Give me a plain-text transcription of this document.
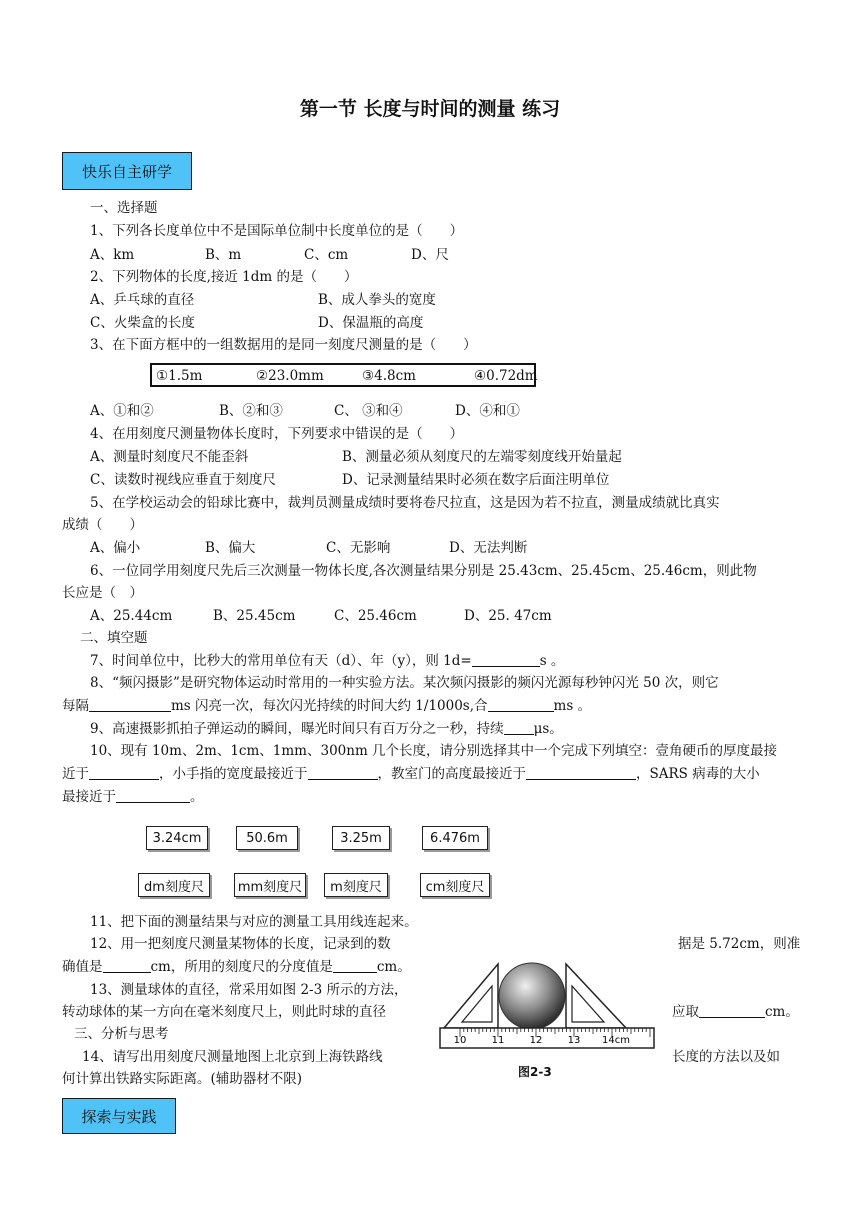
第一节 长度与时间的测量 练习
快乐自主研学
一、选择题
1、下列各长度单位中不是国际单位制中长度单位的是（　　）
A、km	B、m	C、cm	D、尺
2、下列物体的长度,接近 1dm 的是（　　）
A、乒乓球的直径	B、成人拳头的宽度
C、火柴盒的长度	D、保温瓶的高度
3、在下面方框中的一组数据用的是同一刻度尺测量的是（　　）
①1.5m	②23.0mm	③4.8cm	④0.72dm
A、①和②	B、②和③	C、 ③和④	D、④和①
4、在用刻度尺测量物体长度时，下列要求中错误的是（　　）
A、测量时刻度尺不能歪斜	B、测量必须从刻度尺的左端零刻度线开始量起
C、读数时视线应垂直于刻度尺	D、记录测量结果时必须在数字后面注明单位
5、在学校运动会的铅球比赛中，裁判员测量成绩时要将卷尺拉直，这是因为若不拉直，测量成绩就比真实
成绩（　　）
A、偏小	B、偏大	C、无影响	D、无法判断
6、一位同学用刻度尺先后三次测量一物体长度,各次测量结果分别是 25.43cm、25.45cm、25.46cm，则此物
长应是（　）
A、25.44cm	B、25.45cm	C、25.46cm	D、25. 47cm
二、填空题
7、时间单位中，比秒大的常用单位有天（d）、年（y），则 1d=	s 。
8、“频闪摄影”是研究物体运动时常用的一种实验方法。某次频闪摄影的频闪光源每秒钟闪光 50 次，则它
每隔	ms 闪亮一次，每次闪光持续的时间大约 1/1000s,合	ms 。
9、高速摄影抓拍子弹运动的瞬间，曝光时间只有百万分之一秒，持续 μs。
10、现有 10m、2m、1cm、1mm、300nm 几个长度，请分别选择其中一个完成下列填空：壹角硬币的厚度最接
近于	，小手指的宽度最接近于	，教室门的高度最接近于	，SARS 病毒的大小
最接近于	。
3.24cm	50.6m	3.25m	6.476m
dm刻度尺	mm刻度尺	m刻度尺	cm刻度尺
11、把下面的测量结果与对应的测量工具用线连起来。
12、用一把刻度尺测量某物体的长度，记录到的数	据是 5.72cm，则准
确值是	cm，所用的刻度尺的分度值是	cm。
13、测量球体的直径，常采用如图 2-3 所示的方法，
转动球体的某一方向在毫米刻度尺上，则此时球的直径	应取	cm。
三、分析与思考
14、请写出用刻度尺测量地图上北京到上海铁路线	长度的方法以及如
何计算出铁路实际距离。(辅助器材不限)
10	11	12	13 14cm
图2-3
探索与实践
